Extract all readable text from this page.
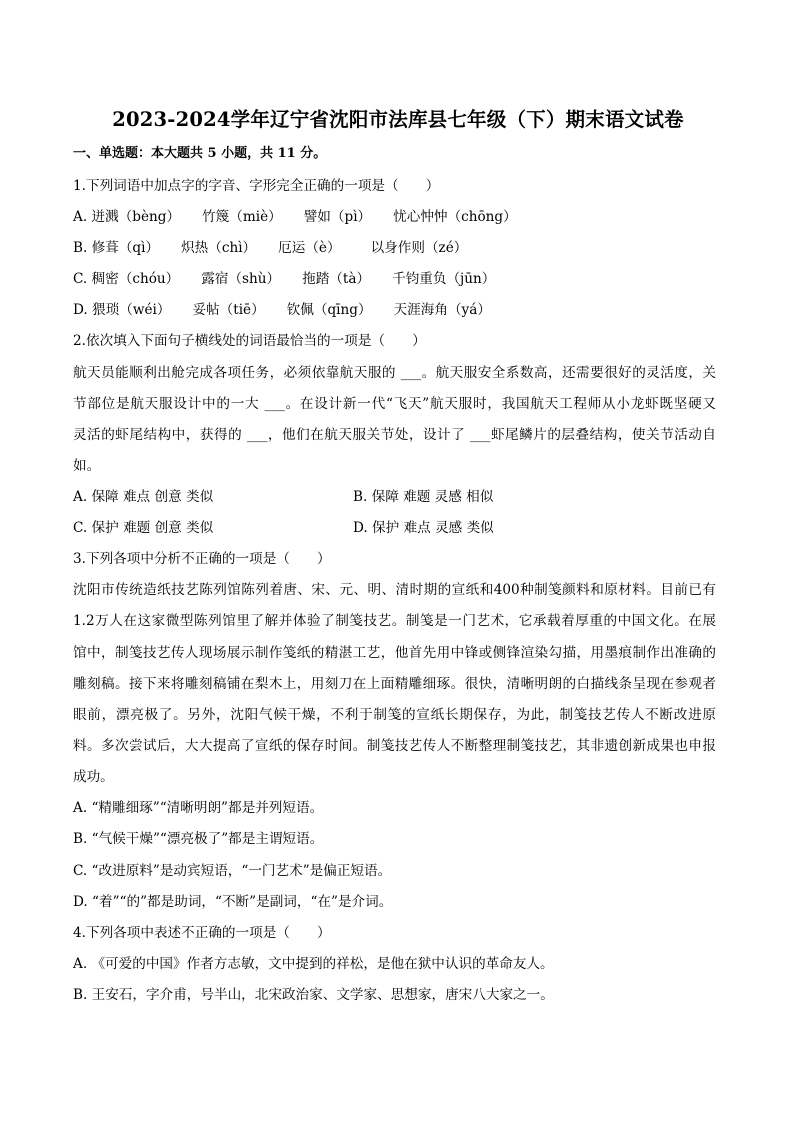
2023-2024学年辽宁省沈阳市法库县七年级（下）期末语文试卷
一、单选题：本大题共 5 小题，共 11 分。
1.下列词语中加点字的字音、字形完全正确的一项是（　　）
A. 迸溅（bèng） 竹篾（miè） 譬如（pì） 忧心忡忡（chōng）
B. 修葺（qì） 炽热（chì） 厄运（è） 以身作则（zé）
C. 稠密（chóu） 露宿（shù） 拖踏（tà） 千钧重负（jūn）
D. 猥琐（wéi） 妥帖（tiē） 钦佩（qīng） 天涯海角（yá）
2.依次填入下面句子横线处的词语最恰当的一项是（　　）
航天员能顺利出舱完成各项任务，必须依靠航天服的 ___。航天服安全系数高，还需要很好的灵活度，关
节部位是航天服设计中的一大 ___。在设计新一代“飞天”航天服时，我国航天工程师从小龙虾既坚硬又
灵活的虾尾结构中，获得的 ___，他们在航天服关节处，设计了 ___虾尾鳞片的层叠结构，使关节活动自
如。
A. 保障 难点 创意 类似	B. 保障 难题 灵感 相似
C. 保护 难题 创意 类似	D. 保护 难点 灵感 类似
3.下列各项中分析不正确的一项是（　　）
沈阳市传统造纸技艺陈列馆陈列着唐、宋、元、明、清时期的宣纸和400种制笺颜料和原材料。目前已有
1.2万人在这家微型陈列馆里了解并体验了制笺技艺。制笺是一门艺术，它承载着厚重的中国文化。在展
馆中，制笺技艺传人现场展示制作笺纸的精湛工艺，他首先用中锋或侧锋渲染勾描，用墨痕制作出准确的
雕刻稿。接下来将雕刻稿铺在梨木上，用刻刀在上面精雕细琢。很快，清晰明朗的白描线条呈现在参观者
眼前，漂亮极了。另外，沈阳气候干燥，不利于制笺的宣纸长期保存，为此，制笺技艺传人不断改进原
料。多次尝试后，大大提高了宣纸的保存时间。制笺技艺传人不断整理制笺技艺，其非遗创新成果也申报
成功。
A. “精雕细琢”“清晰明朗”都是并列短语。
B. “气候干燥”“漂亮极了”都是主谓短语。
C. “改进原料”是动宾短语，“一门艺术”是偏正短语。
D. “着”“的”都是助词，“不断”是副词，“在”是介词。
4.下列各项中表述不正确的一项是（　　）
A. 《可爱的中国》作者方志敏，文中提到的祥松，是他在狱中认识的革命友人。
B. 王安石，字介甫，号半山，北宋政治家、文学家、思想家，唐宋八大家之一。
